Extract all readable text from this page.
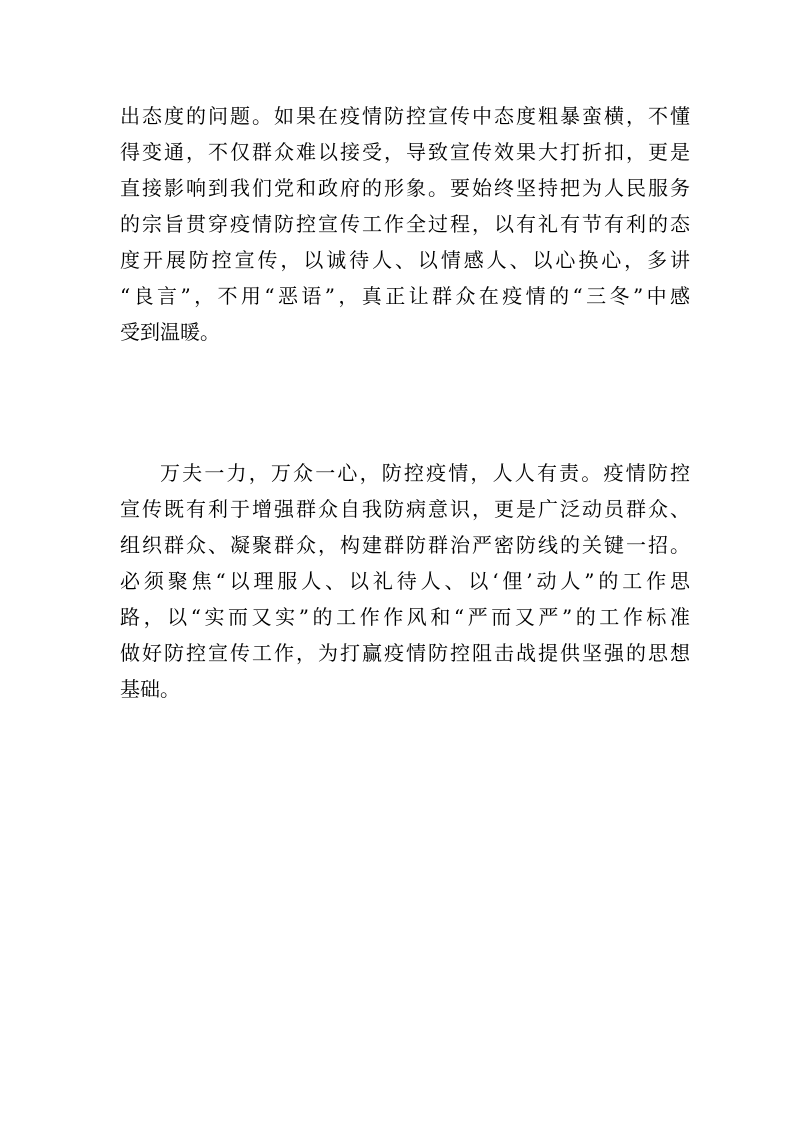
出态度的问题。如果在疫情防控宣传中态度粗暴蛮横，不懂
得变通，不仅群众难以接受，导致宣传效果大打折扣，更是
直接影响到我们党和政府的形象。要始终坚持把为人民服务
的宗旨贯穿疫情防控宣传工作全过程，以有礼有节有利的态
度开展防控宣传，以诚待人、以情感人、以心换心，多讲
“良言”，不用“恶语”，真正让群众在疫情的“三冬”中感
受到温暖。
万夫一力，万众一心，防控疫情，人人有责。疫情防控
宣传既有利于增强群众自我防病意识，更是广泛动员群众、
组织群众、凝聚群众，构建群防群治严密防线的关键一招。
必须聚焦“以理服人、以礼待人、以‘俚’动人”的工作思
路，以“实而又实”的工作作风和“严而又严”的工作标准
做好防控宣传工作，为打赢疫情防控阻击战提供坚强的思想
基础。
